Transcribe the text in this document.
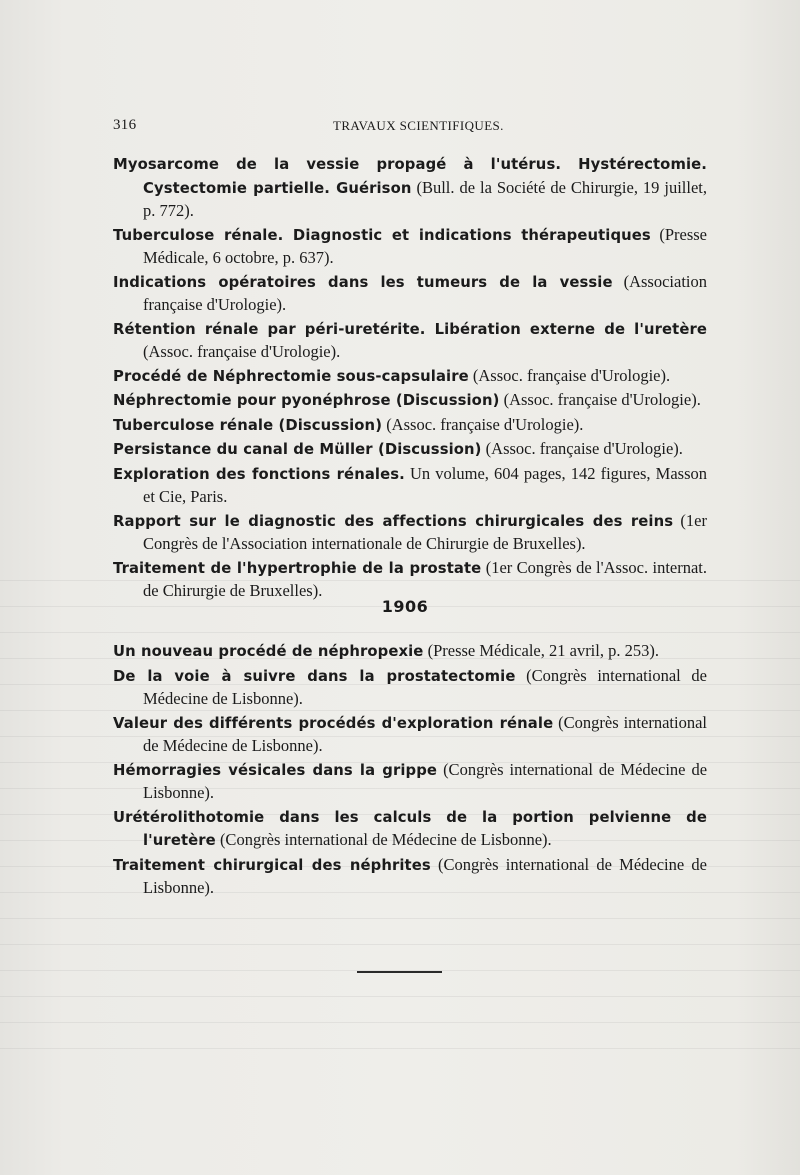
316	TRAVAUX SCIENTIFIQUES.

Myosarcome de la vessie propagé à l'utérus. Hystérectomie. Cystectomie partielle. Guérison (Bull. de la Société de Chirurgie, 19 juillet, p. 772).

Tuberculose rénale. Diagnostic et indications thérapeutiques (Presse Médicale, 6 octobre, p. 637).

Indications opératoires dans les tumeurs de la vessie (Association française d'Urologie).

Rétention rénale par péri-uretérite. Libération externe de l'uretère (Assoc. française d'Urologie).

Procédé de Néphrectomie sous-capsulaire (Assoc. française d'Urologie).

Néphrectomie pour pyonéphrose (Discussion) (Assoc. française d'Urologie).

Tuberculose rénale (Discussion) (Assoc. française d'Urologie).

Persistance du canal de Müller (Discussion) (Assoc. française d'Urologie).

Exploration des fonctions rénales. Un volume, 604 pages, 142 figures, Masson et Cie, Paris.

Rapport sur le diagnostic des affections chirurgicales des reins (1er Congrès de l'Association internationale de Chirurgie de Bruxelles).

Traitement de l'hypertrophie de la prostate (1er Congrès de l'Assoc. internat. de Chirurgie de Bruxelles).

1906

Un nouveau procédé de néphropexie (Presse Médicale, 21 avril, p. 253).

De la voie à suivre dans la prostatectomie (Congrès international de Médecine de Lisbonne).

Valeur des différents procédés d'exploration rénale (Congrès international de Médecine de Lisbonne).

Hémorragies vésicales dans la grippe (Congrès international de Médecine de Lisbonne).

Urétérolithotomie dans les calculs de la portion pelvienne de l'uretère (Congrès international de Médecine de Lisbonne).

Traitement chirurgical des néphrites (Congrès international de Médecine de Lisbonne).
